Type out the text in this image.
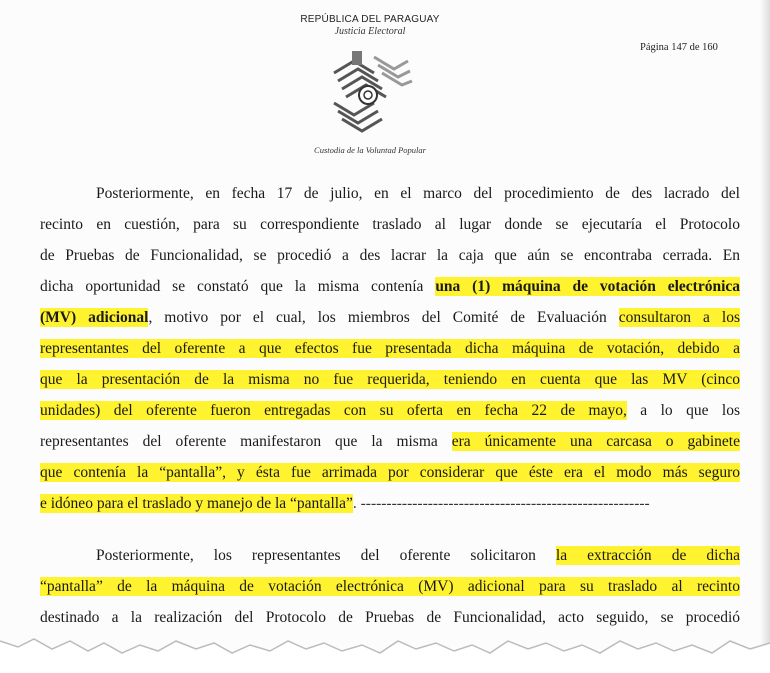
REPÚBLICA DEL PARAGUAY
Justicia Electoral
Custodia de la Voluntad Popular
Página 147 de 160
Posteriormente, en fecha 17 de julio, en el marco del procedimiento de des lacrado del
recinto en cuestión, para su correspondiente traslado al lugar donde se ejecutaría el Protocolo
de Pruebas de Funcionalidad, se procedió a des lacrar la caja que aún se encontraba cerrada. En
dicha oportunidad se constató que la misma contenía una (1) máquina de votación electrónica
(MV) adicional, motivo por el cual, los miembros del Comité de Evaluación consultaron a los
representantes del oferente a que efectos fue presentada dicha máquina de votación, debido a
que la presentación de la misma no fue requerida, teniendo en cuenta que las MV (cinco
unidades) del oferente fueron entregadas con su oferta en fecha 22 de mayo, a lo que los
representantes del oferente manifestaron que la misma era únicamente una carcasa o gabinete
que contenía la “pantalla”, y ésta fue arrimada por considerar que éste era el modo más seguro
e idóneo para el traslado y manejo de la “pantalla”. --------------------------------------------------------
Posteriormente, los representantes del oferente solicitaron la extracción de dicha
“pantalla” de la máquina de votación electrónica (MV) adicional para su traslado al recinto
destinado a la realización del Protocolo de Pruebas de Funcionalidad, acto seguido, se procedió
